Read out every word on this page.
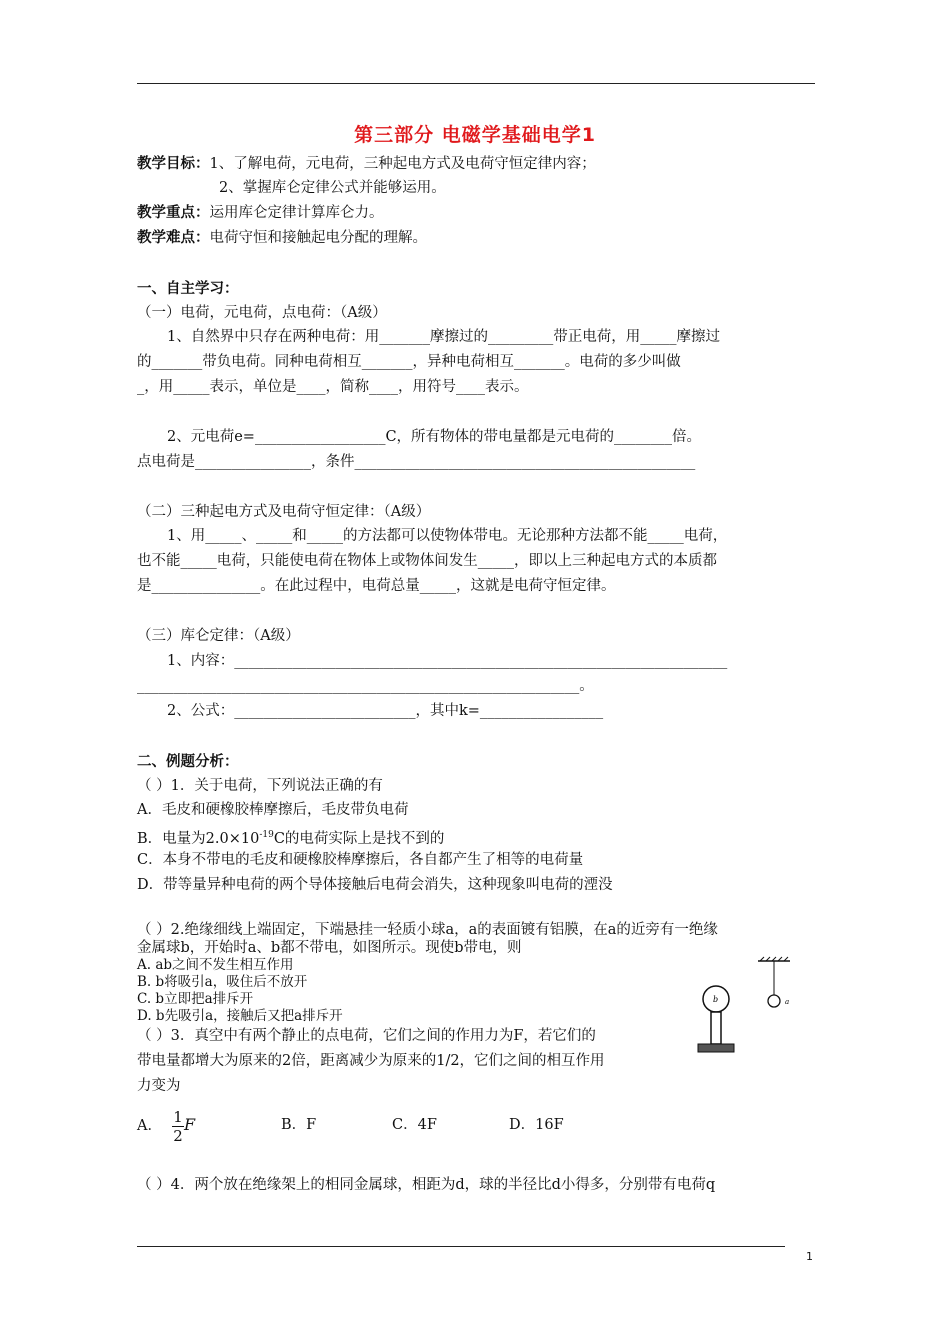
第三部分 电磁学基础电学1
教学目标：1、了解电荷，元电荷，三种起电方式及电荷守恒定律内容；
2、掌握库仑定律公式并能够运用。
教学重点：运用库仑定律计算库仑力。
教学难点：电荷守恒和接触起电分配的理解。
一、自主学习：
（一）电荷，元电荷，点电荷：（A级）
1、自然界中只存在两种电荷：用_______摩擦过的_________带正电荷，用_____摩擦过
的_______带负电荷。同种电荷相互_______，异种电荷相互_______。电荷的多少叫做
_，用_____表示，单位是____，简称____，用符号____表示。
2、元电荷e=__________________C，所有物体的带电量都是元电荷的________倍。
点电荷是________________，条件_______________________________________________
（二）三种起电方式及电荷守恒定律：（A级）
1、用_____、_____和_____的方法都可以使物体带电。无论那种方法都不能_____电荷，
也不能_____电荷，只能使电荷在物体上或物体间发生_____，即以上三种起电方式的本质都
是_______________。在此过程中，电荷总量_____，这就是电荷守恒定律。
（三）库仑定律：（A级）
1、内容：____________________________________________________________________
_____________________________________________________________。
2、公式：_________________________，其中k=_________________
二、例题分析：
（ ）1．关于电荷，下列说法正确的有
A．毛皮和硬橡胶棒摩擦后，毛皮带负电荷
B．电量为$2.0\times 10^{-19}C$的电荷实际上是找不到的
C．本身不带电的毛皮和硬橡胶棒摩擦后，各自都产生了相等的电荷量
D．带等量异种电荷的两个导体接触后电荷会消失，这种现象叫电荷的湮没
（ ）2.绝缘细线上端固定，下端悬挂一轻质小球a，a的表面镀有铝膜，在a的近旁有一绝缘
金属球b，开始时a、b都不带电，如图所示。现使b带电，则
A. ab之间不发生相互作用
B. b将吸引a，吸住后不放开
C. b立即把a排斥开
D. b先吸引a，接触后又把a排斥开
a
b
（ ）3．真空中有两个静止的点电荷，它们之间的作用力为F，若它们的
带电量都增大为原来的2倍，距离减少为原来的1/2，它们之间的相互作用
力变为
A． $\frac{1}{2}$ F	B．F	C．4F	D．16F
（ ）4．两个放在绝缘架上的相同金属球，相距为d，球的半径比d小得多，分别带有电荷q
1
